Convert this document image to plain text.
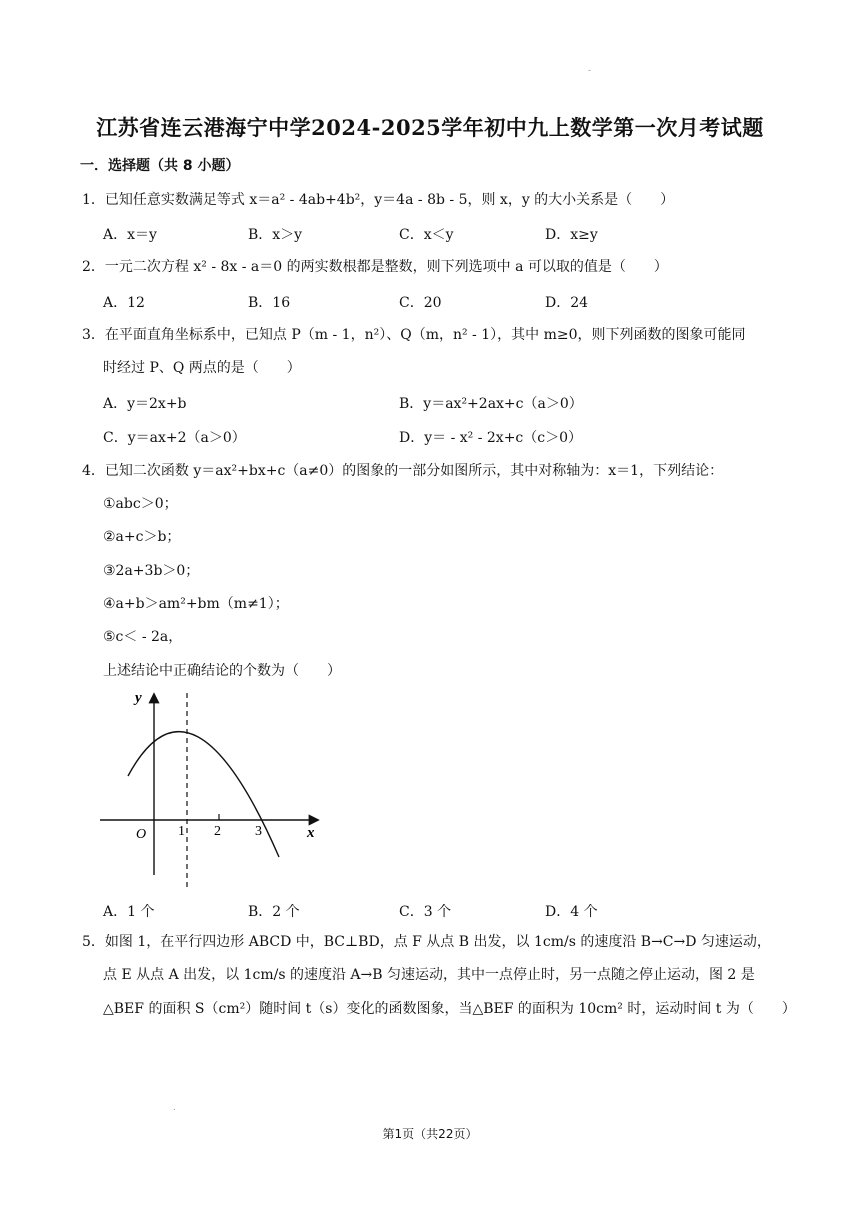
-
江苏省连云港海宁中学2024-2025学年初中九上数学第一次月考试题
一．选择题（共 8 小题）
1．已知任意实数满足等式 x＝a² ‑ 4ab+4b²，y＝4a ‑ 8b ‑ 5，则 x，y 的大小关系是（　　）
A．x＝y	B．x＞y	C．x＜y	D．x≥y
2．一元二次方程 x² ‑ 8x ‑ a＝0 的两实数根都是整数，则下列选项中 a 可以取的值是（　　）
A．12	B．16	C．20	D．24
3．在平面直角坐标系中，已知点 P（m ‑ 1，n²）、Q（m，n² ‑ 1），其中 m≥0，则下列函数的图象可能同
时经过 P、Q 两点的是（　　）
A．y＝2x+b	B．y＝ax²+2ax+c（a＞0）
C．y＝ax+2（a＞0）	D．y＝ ‑ x² ‑ 2x+c（c＞0）
4．已知二次函数 y＝ax²+bx+c（a≠0）的图象的一部分如图所示，其中对称轴为：x＝1，下列结论：
①abc＞0；
②a+c＞b；
③2a+3b＞0；
④a+b＞am²+bm（m≠1）；
⑤c＜ ‑ 2a，
上述结论中正确结论的个数为（　　）
y
x
O 1 2 3
A．1 个	B．2 个	C．3 个	D．4 个
5．如图 1，在平行四边形 ABCD 中，BC⊥BD，点 F 从点 B 出发，以 1cm/s 的速度沿 B→C→D 匀速运动，
点 E 从点 A 出发，以 1cm/s 的速度沿 A→B 匀速运动，其中一点停止时，另一点随之停止运动，图 2 是
△BEF 的面积 S（cm²）随时间 t（s）变化的函数图象，当△BEF 的面积为 10cm² 时，运动时间 t 为（　　）
.
第1页（共22页）
